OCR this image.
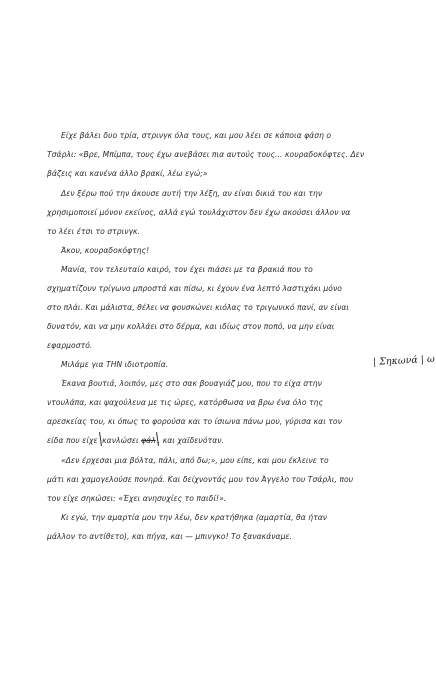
Είχε βάλει δυο τρία, στρινγκ όλα τους, και μου λέει σε κάποια φάση ο
Τσάρλι: «Βρε, Μπίμπα, τους έχω ανεβάσει πια αυτούς τους... κουραδοκόφτες. Δεν
βάζεις και κανένα άλλο βρακί, λέω εγώ;»
Δεν ξέρω πού την άκουσε αυτή την λέξη, αν είναι δικιά του και την
χρησιμοποιεί μόνον εκείνος, αλλά εγώ τουλάχιστον δεν έχω ακούσει άλλον να
το λέει έτσι το στρινγκ.
Άκου, κουραδοκόφτης!
Μανία, τον τελευταίο καιρό, τον έχει πιάσει με τα βρακιά που το
σχηματίζουν τρίγωνο μπροστά και πίσω, κι έχουν ένα λεπτό λαστιχάκι μόνο
στο πλάι. Και μάλιστα, θέλει να φουσκώνει κιόλας το τριγωνικό πανί, αν είναι
δυνατόν, και να μην κολλάει στο δέρμα, και ιδίως στον ποπό, να μην είναι
εφαρμοστό.
Μιλάμε για ΤΗΝ ιδιοτροπία.
Έκανα βουτιά, λοιπόν, μες στο σακ βουαγιάζ μου, που το είχα στην
ντουλάπα, και ψαχούλευα με τις ώρες, κατόρθωσα να βρω ένα όλο της
αρεσκείας του, κι όπως το φορούσα και το ίσιωνα πάνω μου, γύρισα και τον
είδα που είχε κανλώσει φάλ , και χαϊδευόταν.
«Δεν έρχεσαι μια βόλτα, πάλι, από δω;», μου είπε, και μου έκλεινε το
μάτι και χαμογελούσε πονηρά. Και δείχνοντάς μου τον Άγγελο του Τσάρλι, που
τον είχε σηκώσει: «Έχει ανησυχίες το παιδί!».
Κι εγώ, την αμαρτία μου την λέω, δεν κρατήθηκα (αμαρτία, θα ήταν
μάλλον το αντίθετο), και πήγα, και — μπινγκο! Το ξανακάναμε.
| Σηκωνά | ω
